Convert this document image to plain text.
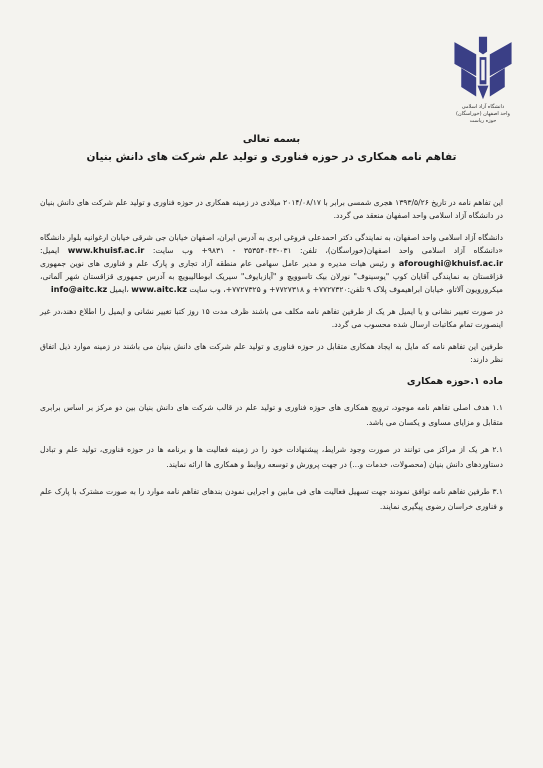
دانشگاه آزاد اسلامی
واحد اصفهان (خوراسگان)
حوزه ریاست
بسمه تعالی
تفاهم نامه همکاری در حوزه فناوری و تولید علم شرکت های دانش بنیان

این تفاهم نامه در تاریخ ۱۳۹۳/۵/۲۶ هجری شمسی برابر با ۲۰۱۴/۰۸/۱۷ میلادی در زمینه همکاری در حوزه فناوری و تولید علم شرکت های دانش بنیان در دانشگاه آزاد اسلامی واحد اصفهان منعقد می گردد.

دانشگاه آزاد اسلامی واحد اصفهان، به نمایندگی دکتر احمدعلی فروغی ابری به آدرس ایران، اصفهان خیابان جی شرقی خیابان ارغوانیه بلوار دانشگاه «دانشگاه آزاد اسلامی واحد اصفهان(خوراسگان)، تلفن: ۰۳۱-۳۵۳۵۴۰۴۳ - ۹۸۳۱+ وب سایت: www.khuisf.ac.ir ایمیل: aforoughi@khuisf.ac.ir و رئیس هیات مدیره و مدیر عامل سهامی عام منطقه آزاد تجاری و پارک علم و فناوری های نوین جمهوری قزاقستان به نمایندگی آقایان کوپ "یوسینوف" نورلان بیک تاسوویچ و "آیازبایوف" سیریک ابوطالیبویچ به آدرس جمهوری قزاقستان شهر آلماتی، میکرورویون آلاتاو، خیابان ابراهیموف پلاک ۹ تلفن:۷۷۲۷۳۲۰+ و ۷۷۲۷۳۱۸+ و ۷۷۲۷۳۲۵+، وب سایت www.aitc.kz ،ایمیل info@aitc.kz

در صورت تغییر نشانی و یا ایمیل هر یک از طرفین تفاهم نامه مکلف می باشند ظرف مدت ۱۵ روز کتبا تغییر نشانی و ایمیل را اطلاع دهند،در غیر اینصورت تمام مکاتبات ارسال شده محسوب می گردد.

طرفین این تفاهم نامه که مایل به ایجاد همکاری متقابل در حوزه فناوری و تولید علم شرکت های دانش بنیان می باشند در زمینه موارد ذیل اتفاق نظر دارند:

ماده ۱.حوزه همکاری
۱.۱ هدف اصلی تفاهم نامه موجود، ترویج همکاری های حوزه فناوری و تولید علم در قالب شرکت های دانش بنیان بین دو مرکز بر اساس برابری متقابل و مزایای مساوی و یکسان می باشد.
۲.۱ هر یک از مراکز می توانند در صورت وجود شرایط، پیشنهادات خود را در زمینه فعالیت ها و برنامه ها در حوزه فناوری، تولید علم و تبادل دستاوردهای دانش بنیان (محصولات، خدمات و...) در جهت پرورش و توسعه روابط و همکاری ها ارائه نمایند.
۳.۱ طرفین تفاهم نامه توافق نمودند جهت تسهیل فعالیت های فی مابین و اجرایی نمودن بندهای تفاهم نامه موارد را به صورت مشترک با پارک علم و فناوری خراسان رضوی پیگیری نمایند.
